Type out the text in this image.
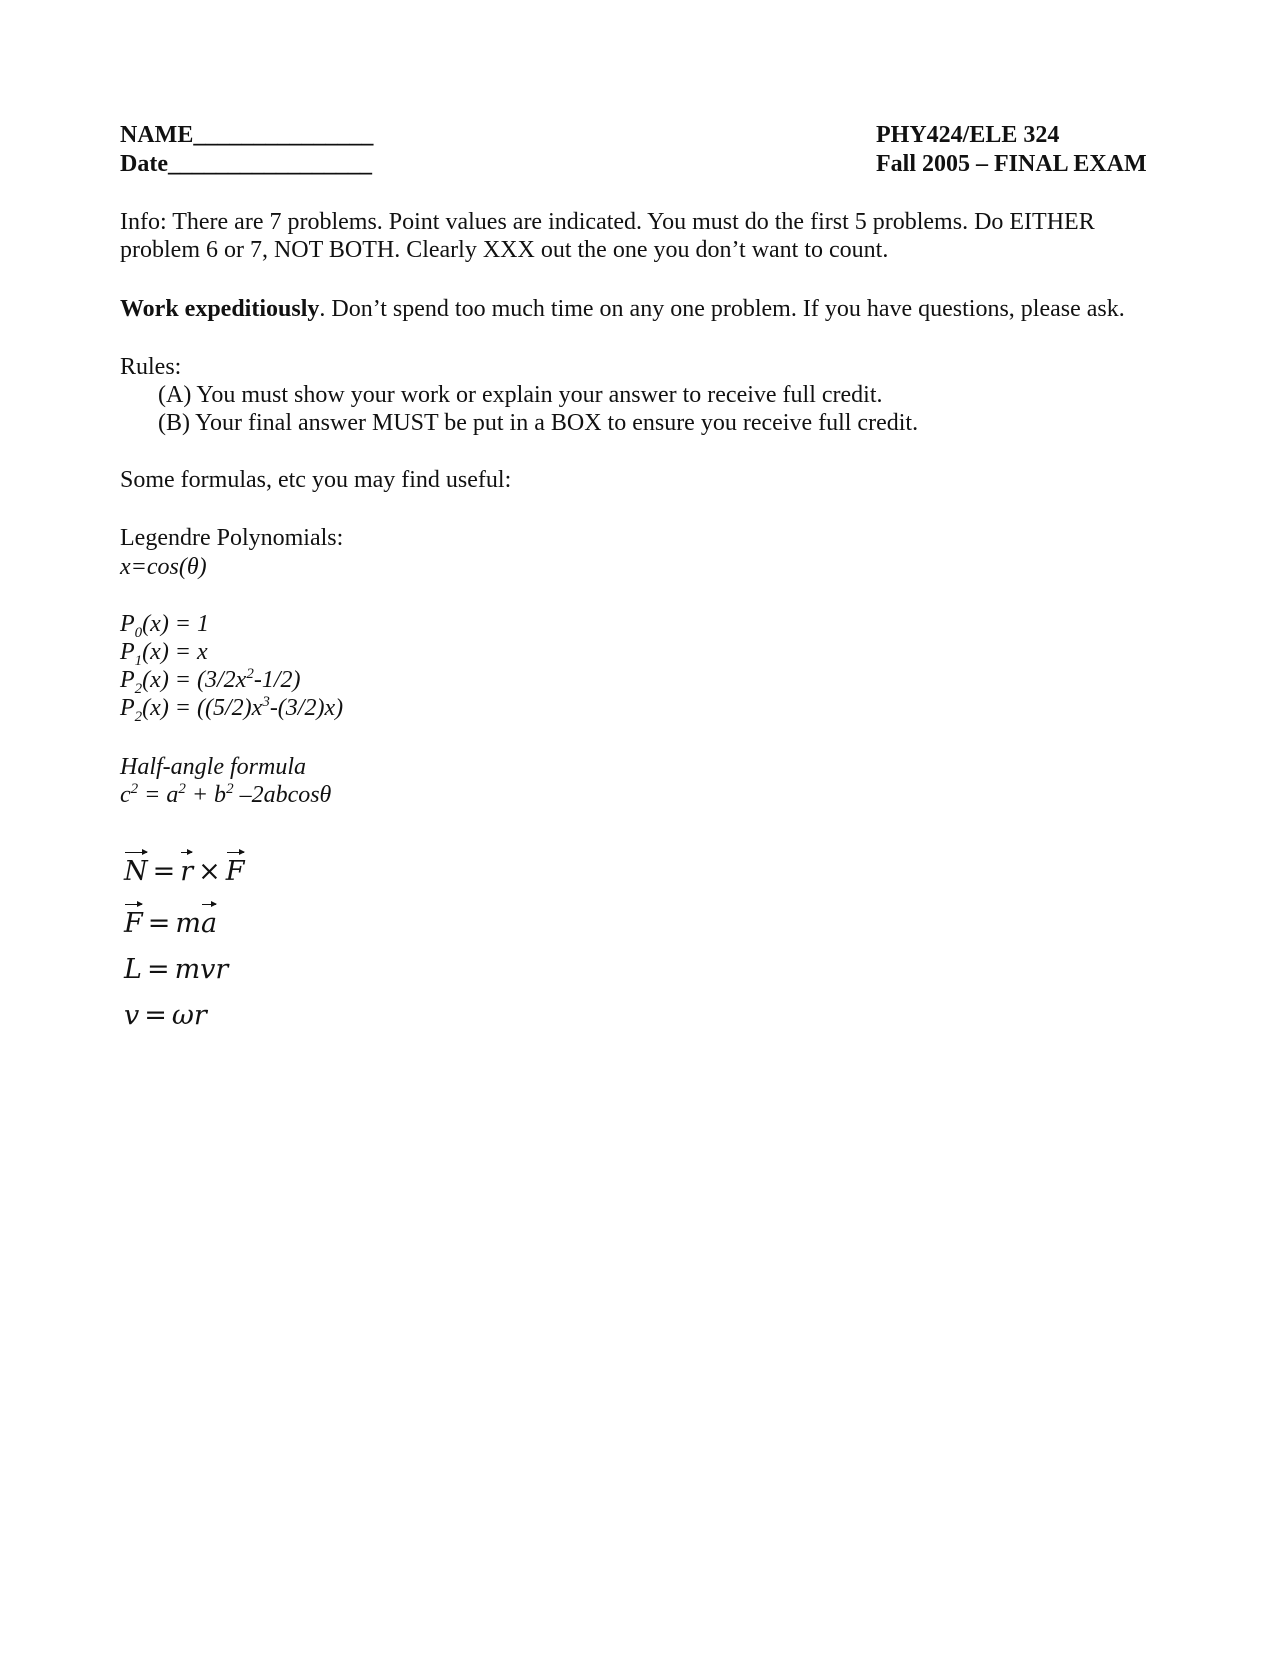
NAME_______________
Date_________________
PHY424/ELE 324
Fall 2005 – FINAL EXAM
Info: There are 7 problems. Point values are indicated. You must do the first 5 problems. Do EITHER problem 6 or 7, NOT BOTH. Clearly XXX out the one you don’t want to count.
Work expeditiously. Don’t spend too much time on any one problem. If you have questions, please ask.
Rules:
(A) You must show your work or explain your answer to receive full credit.
(B) Your final answer MUST be put in a BOX to ensure you receive full credit.
Some formulas, etc you may find useful:
Legendre Polynomials:
x=cos(θ)
$P_0(x) = 1$
$P_1(x) = x$
$P_2(x) = (3/2x^2-1/2)$
$P_2(x) = ((5/2)x^3-(3/2)x)$
Half-angle formula
$c^2 = a^2 + b^2$ –2abcosθ
N = r × F
F = ma
L = mvr
v = ωr
